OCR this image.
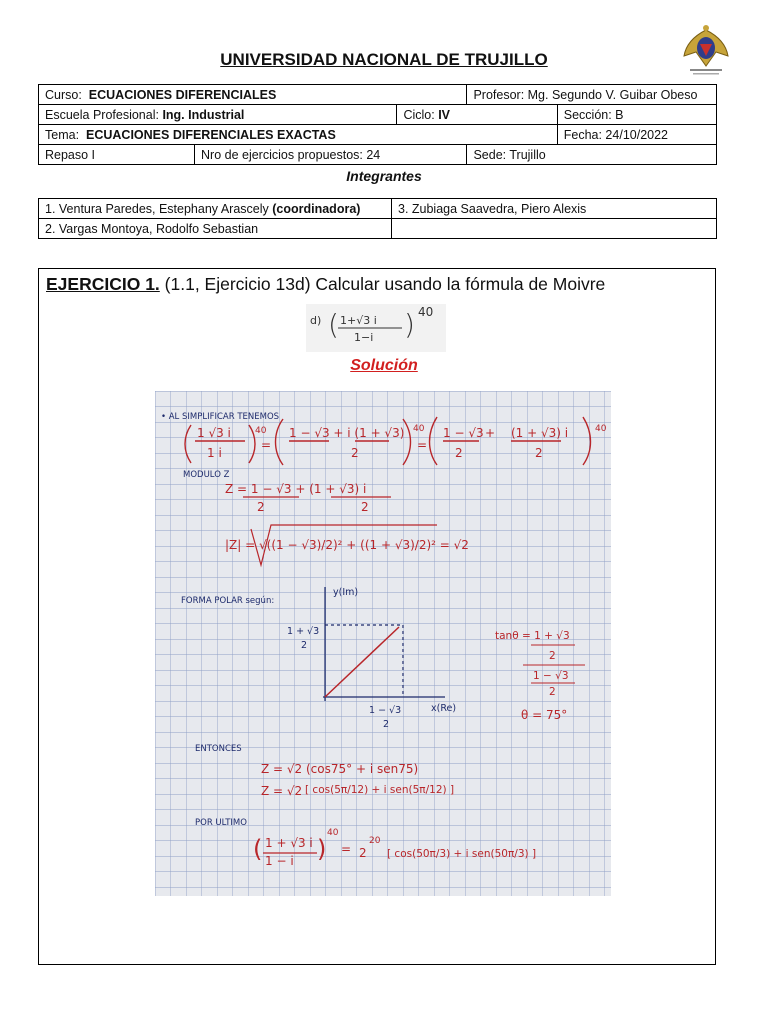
UNIVERSIDAD NACIONAL DE TRUJILLO
Curso: ECUACIONES DIFERENCIALES			Profesor: Mg. Segundo V. Guibar Obeso	
Escuela Profesional: Ing. Industrial		Ciclo: IV		Sección: B
Tema: ECUACIONES DIFERENCIALES EXACTAS				Fecha: 24/10/2022
Repaso I	Nro de ejercicios propuestos: 24		Sede: Trujillo	
Integrantes
1. Ventura Paredes, Estephany Arascely (coordinadora)	3. Zubiaga Saavedra, Piero Alexis
2. Vargas Montoya, Rodolfo Sebastian	
EJERCICIO 1. (1.1, Ejercicio 13d) Calcular usando la fórmula de Moivre
d) ( 1+√3 i
1−i ) 40
Solución
• AL SIMPLIFICAR TENEMOS
1 √3 i
1 i
40
=
1 − √3 + i (1 + √3)
2
40
=
1 − √3
2
+ (1 + √3) i
2
40
MODULO Z
Z = 1 − √3 + (1 + √3) i
2	2
|Z| = √((1 − √3)/2)² + ((1 + √3)/2)² = √2
FORMA POLAR según:
y(Im)
x(Re)
1 + √3
2
1 − √3
2
tanθ = 1 + √3
2
1 − √3
2
θ = 75°
ENTONCES
POR ULTIMO
Z = √2 (cos75° + i sen75)
Z = √2 [ cos(5π/12) + i sen(5π/12) ]
( 1 + √3 i
1 − i )
40
= 2
20
[ cos(50π/3) + i sen(50π/3) ]
